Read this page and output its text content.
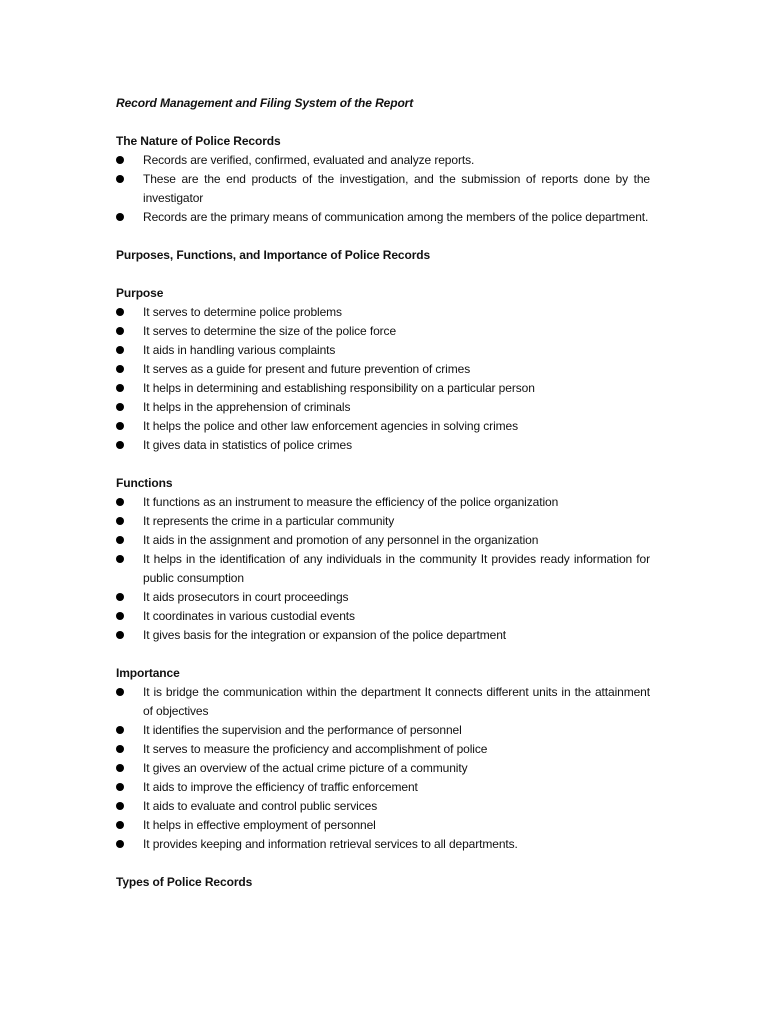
Record Management and Filing System of the Report

The Nature of Police Records

Records are verified, confirmed, evaluated and analyze reports.
These are the end products of the investigation, and the submission of reports done by the investigator
Records are the primary means of communication among the members of the police department.

Purposes, Functions, and Importance of Police Records

Purpose

It serves to determine police problems
It serves to determine the size of the police force
It aids in handling various complaints
It serves as a guide for present and future prevention of crimes
It helps in determining and establishing responsibility on a particular person
It helps in the apprehension of criminals
It helps the police and other law enforcement agencies in solving crimes
It gives data in statistics of police crimes

Functions

It functions as an instrument to measure the efficiency of the police organization
It represents the crime in a particular community
It aids in the assignment and promotion of any personnel in the organization
It helps in the identification of any individuals in the community It provides ready information for public consumption
It aids prosecutors in court proceedings
It coordinates in various custodial events
It gives basis for the integration or expansion of the police department

Importance

It is bridge the communication within the department It connects different units in the attainment of objectives
It identifies the supervision and the performance of personnel
It serves to measure the proficiency and accomplishment of police
It gives an overview of the actual crime picture of a community
It aids to improve the efficiency of traffic enforcement
It aids to evaluate and control public services
It helps in effective employment of personnel
It provides keeping and information retrieval services to all departments.

Types of Police Records
